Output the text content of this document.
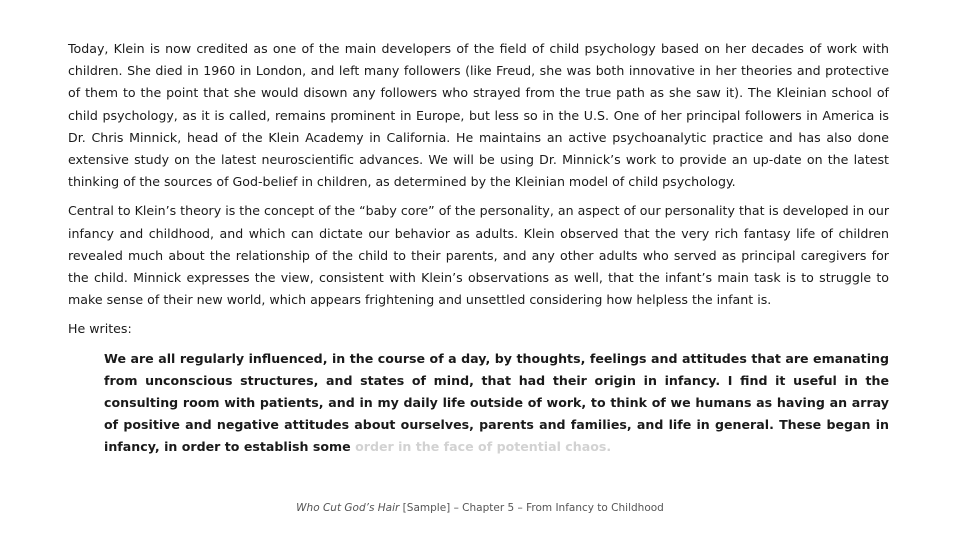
Today, Klein is now credited as one of the main developers of the field of child psychology based on her decades of work with children. She died in 1960 in London, and left many followers (like Freud, she was both innovative in her theories and protective of them to the point that she would disown any followers who strayed from the true path as she saw it). The Kleinian school of child psychology, as it is called, remains prominent in Europe, but less so in the U.S. One of her principal followers in America is Dr. Chris Minnick, head of the Klein Academy in California. He maintains an active psychoanalytic practice and has also done extensive study on the latest neuroscientific advances. We will be using Dr. Minnick’s work to provide an up-date on the latest thinking of the sources of God-belief in children, as determined by the Kleinian model of child psychology.

Central to Klein’s theory is the concept of the “baby core” of the personality, an aspect of our personality that is developed in our infancy and childhood, and which can dictate our behavior as adults. Klein observed that the very rich fantasy life of children revealed much about the relationship of the child to their parents, and any other adults who served as principal caregivers for the child. Minnick expresses the view, consistent with Klein’s observations as well, that the infant’s main task is to struggle to make sense of their new world, which appears frightening and unsettled considering how helpless the infant is.

He writes:

We are all regularly influenced, in the course of a day, by thoughts, feelings and attitudes that are emanating from unconscious structures, and states of mind, that had their origin in infancy. I find it useful in the consulting room with patients, and in my daily life outside of work, to think of we humans as having an array of positive and negative attitudes about ourselves, parents and families, and life in general. These began in infancy, in order to establish some order in the face of potential chaos.

Who Cut God’s Hair [Sample] – Chapter 5 – From Infancy to Childhood
